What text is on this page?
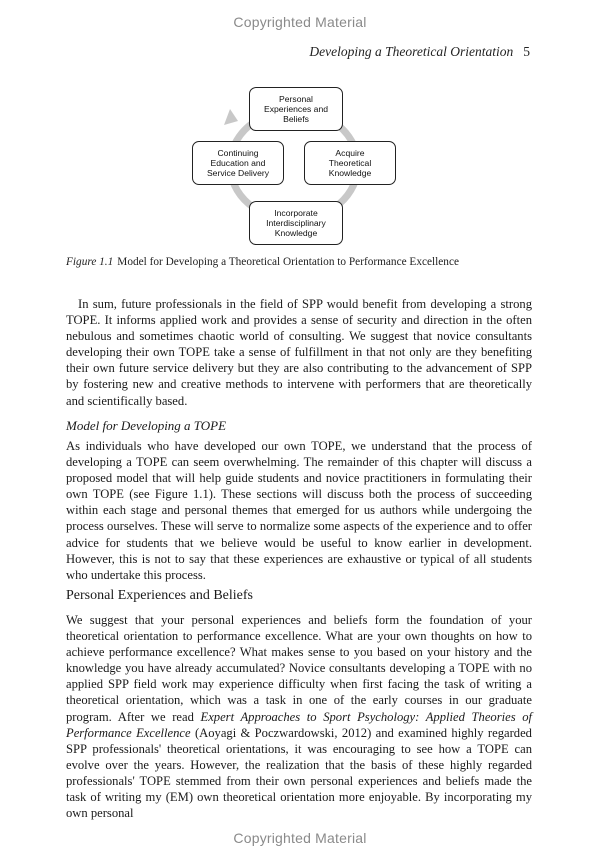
Copyrighted Material
Developing a Theoretical Orientation 5
Personal
Experiences and
Beliefs
Continuing
Education and
Service Delivery
Acquire
Theoretical
Knowledge
Incorporate
Interdisciplinary
Knowledge
Figure 1.1 Model for Developing a Theoretical Orientation to Performance Excellence
In sum, future professionals in the field of SPP would benefit from developing a strong TOPE. It informs applied work and provides a sense of security and direction in the often nebulous and sometimes chaotic world of consulting. We suggest that novice consultants developing their own TOPE take a sense of fulfillment in that not only are they benefiting their own future service delivery but they are also contributing to the advancement of SPP by fostering new and creative methods to intervene with performers that are theoretically and scientifically based.
Model for Developing a TOPE
As individuals who have developed our own TOPE, we understand that the process of developing a TOPE can seem overwhelming. The remainder of this chapter will discuss a proposed model that will help guide students and novice practitioners in formulating their own TOPE (see Figure 1.1). These sections will discuss both the process of succeeding within each stage and personal themes that emerged for us authors while undergoing the process ourselves. These will serve to normalize some aspects of the experience and to offer advice for students that we believe would be useful to know earlier in development. However, this is not to say that these experiences are exhaustive or typical of all students who undertake this process.
Personal Experiences and Beliefs
We suggest that your personal experiences and beliefs form the foundation of your theoretical orientation to performance excellence. What are your own thoughts on how to achieve performance excellence? What makes sense to you based on your history and the knowledge you have already accumulated? Novice consultants developing a TOPE with no applied SPP field work may experience difficulty when first facing the task of writing a theoretical orientation, which was a task in one of the early courses in our graduate program. After we read Expert Approaches to Sport Psychology: Applied Theories of Performance Excellence (Aoyagi & Poczwardowski, 2012) and examined highly regarded SPP professionals' theoretical orientations, it was encouraging to see how a TOPE can evolve over the years. However, the realization that the basis of these highly regarded professionals' TOPE stemmed from their own personal experiences and beliefs made the task of writing my (EM) own theoretical orientation more enjoyable. By incorporating my own personal
Copyrighted Material
